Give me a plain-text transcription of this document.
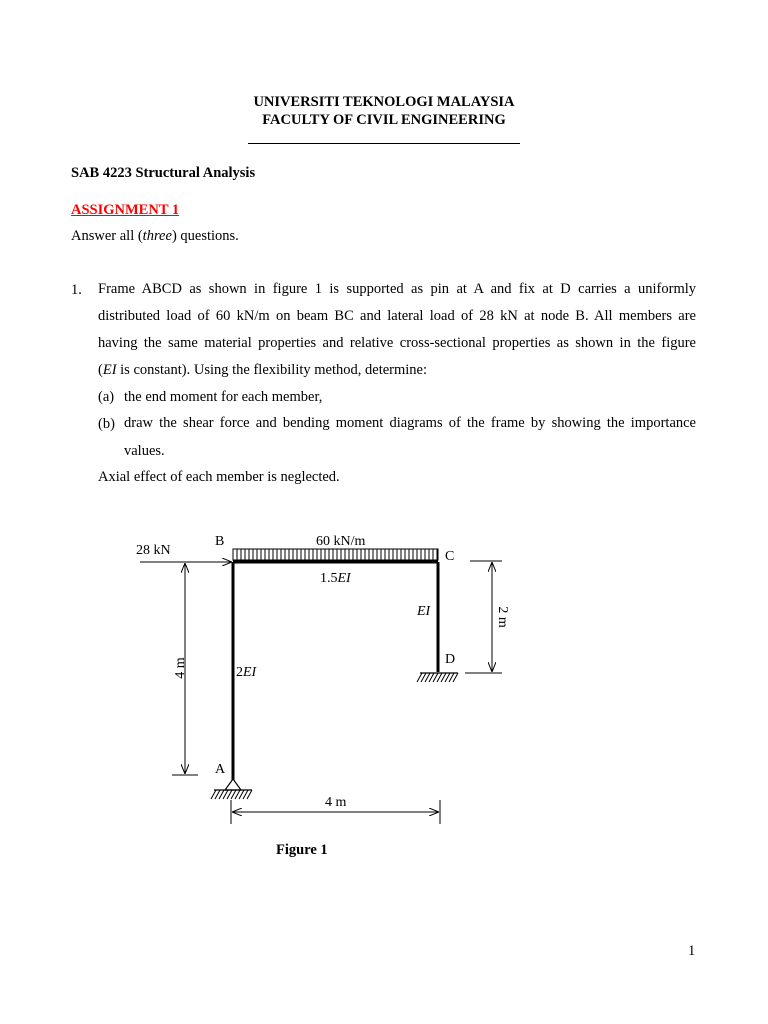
UNIVERSITI TEKNOLOGI MALAYSIA
FACULTY OF CIVIL ENGINEERING
SAB 4223 Structural Analysis
ASSIGNMENT 1
Answer all (three) questions.
1. Frame ABCD as shown in figure 1 is supported as pin at A and fix at D carries a uniformly
distributed load of 60 kN/m on beam BC and lateral load of 28 kN at node B. All members are
having the same material properties and relative cross-sectional properties as shown in the figure
(EI is constant). Using the flexibility method, determine:
(a) the end moment for each member,
(b) draw the shear force and bending moment diagrams of the frame by showing the importance
values.
Axial effect of each member is neglected.
28 kN
60 kN/m
B
C
D
A
1.5EI
EI
2EI
4 m
2 m
4 m
Figure 1
1
